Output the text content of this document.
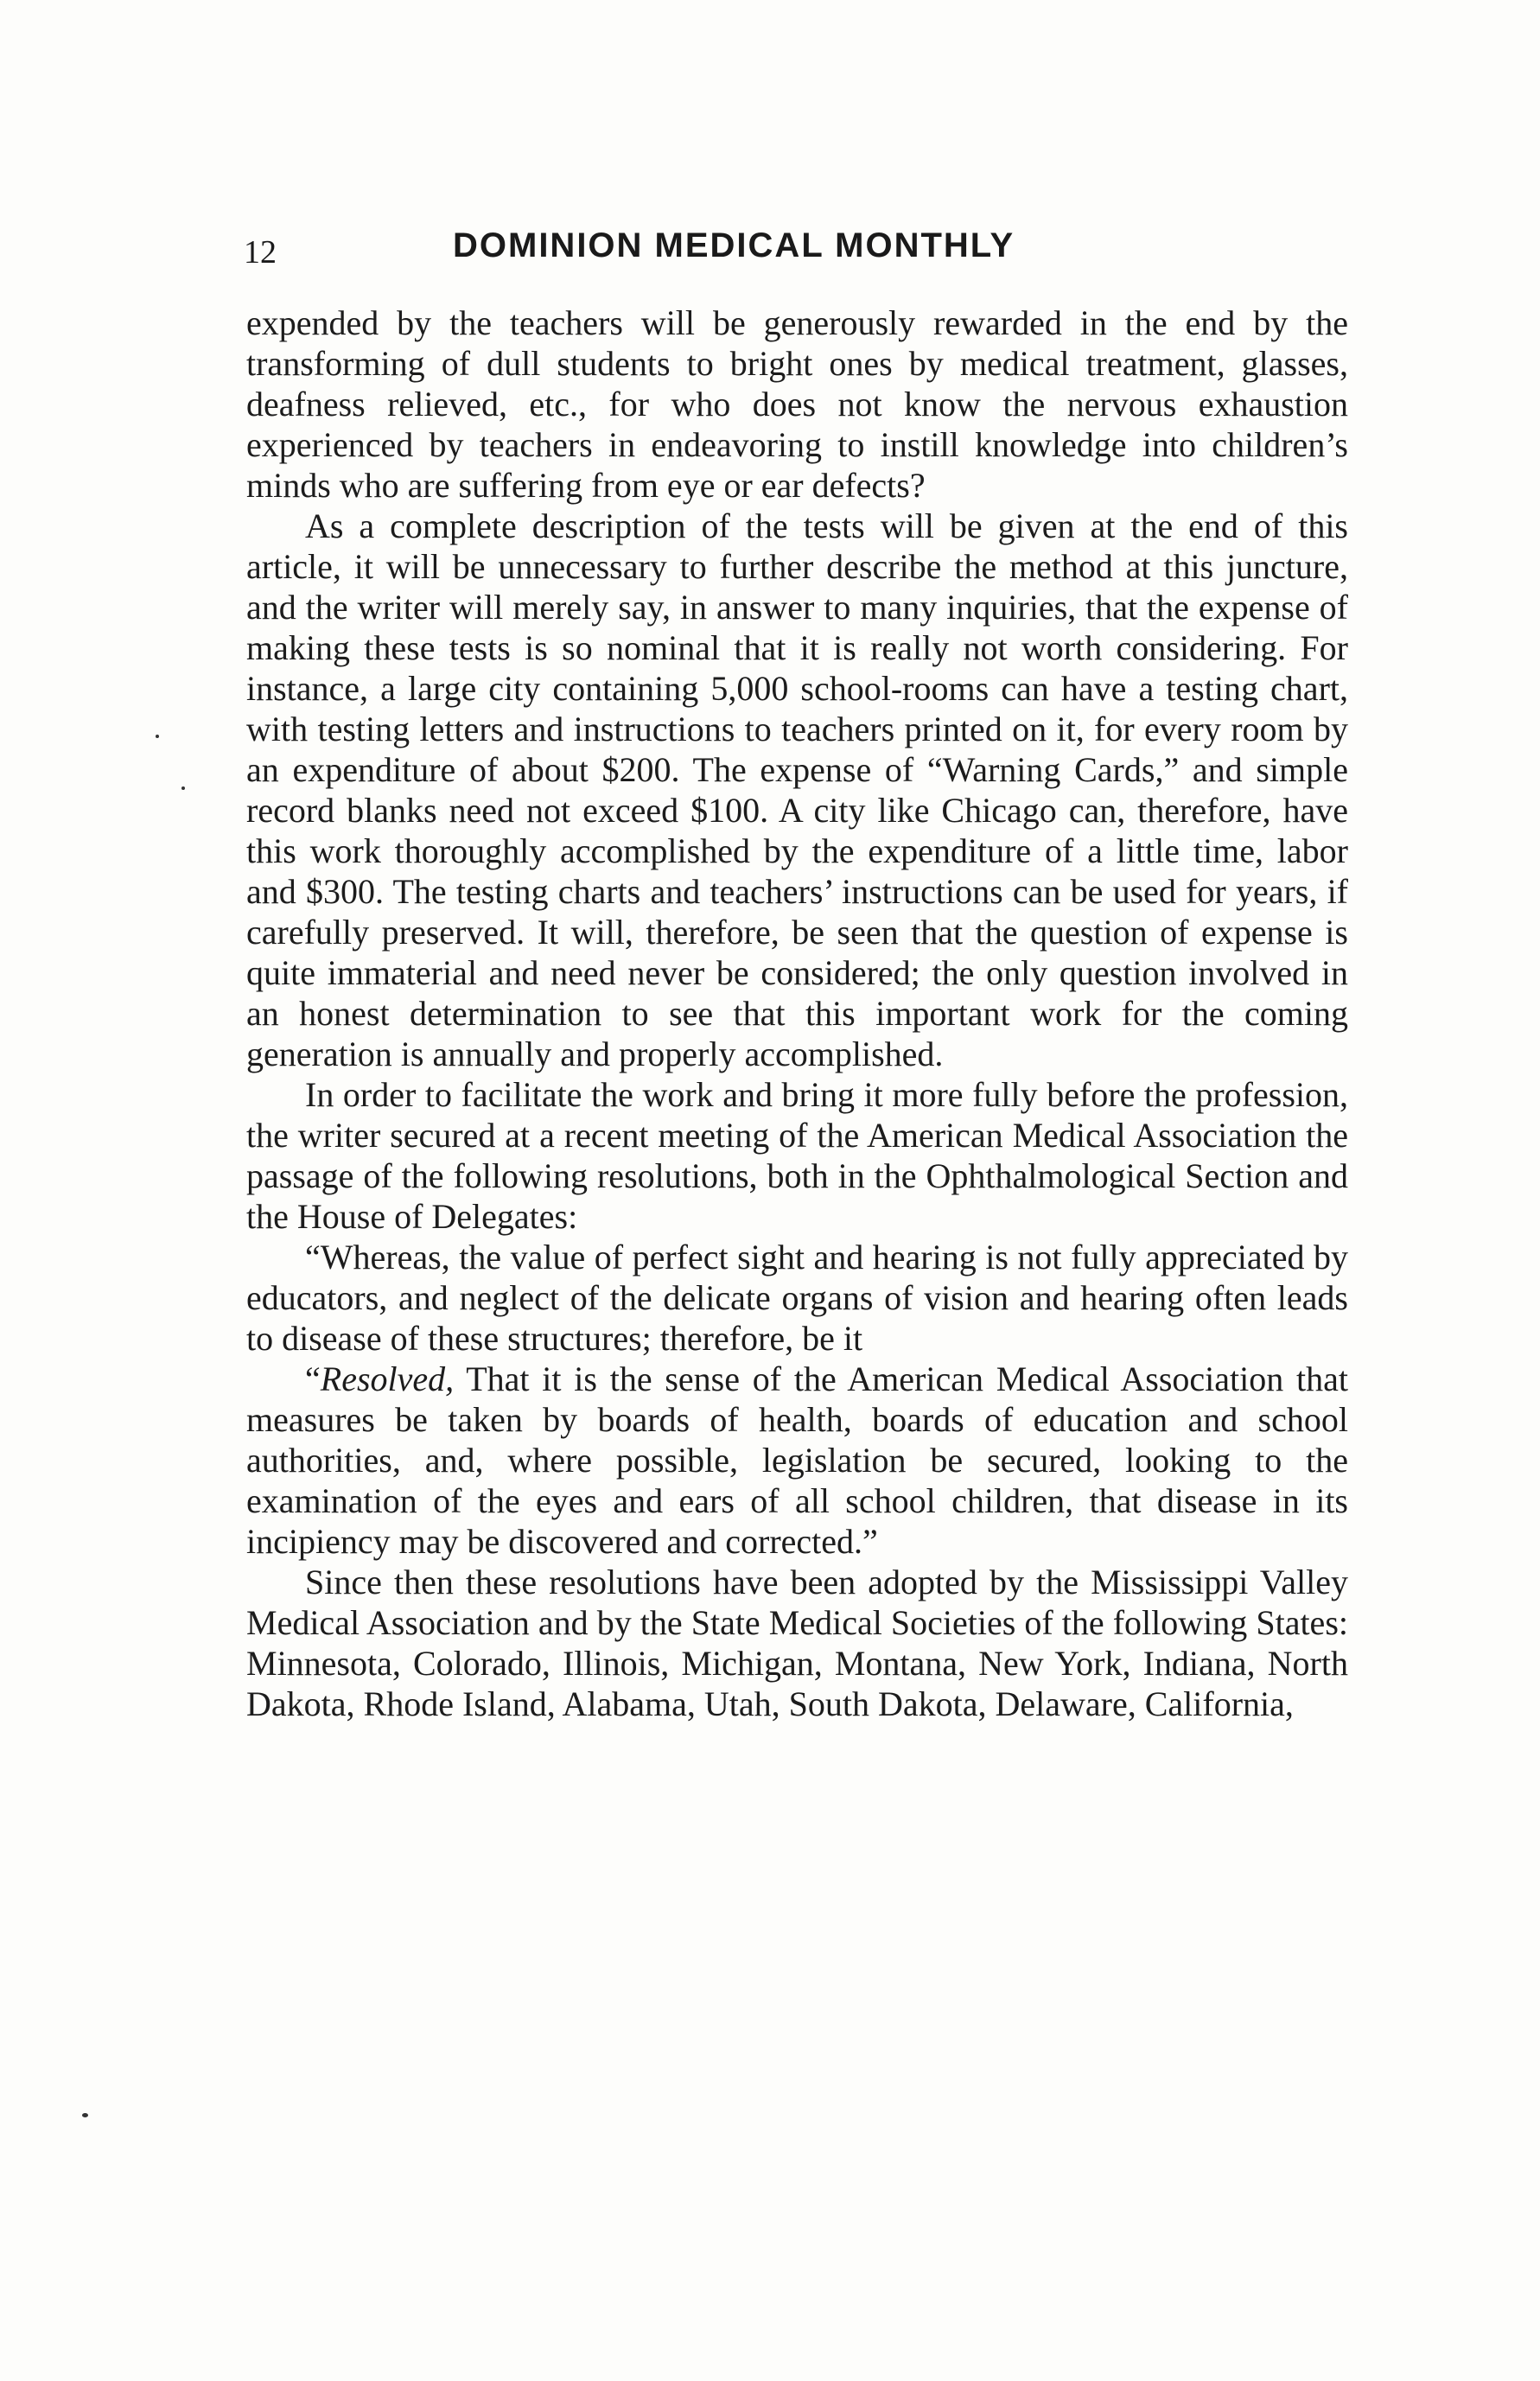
12	DOMINION MEDICAL MONTHLY

expended by the teachers will be generously rewarded in the end by the transforming of dull students to bright ones by medical treatment, glasses, deafness relieved, etc., for who does not know the nervous exhaustion experienced by teachers in endeavoring to instill knowledge into children’s minds who are suffering from eye or ear defects?

As a complete description of the tests will be given at the end of this article, it will be unnecessary to further describe the method at this juncture, and the writer will merely say, in answer to many inquiries, that the expense of making these tests is so nominal that it is really not worth considering. For instance, a large city containing 5,000 school-rooms can have a testing chart, with testing letters and instructions to teachers printed on it, for every room by an expenditure of about $200. The expense of “Warning Cards,” and simple record blanks need not exceed $100. A city like Chicago can, therefore, have this work thoroughly accomplished by the expenditure of a little time, labor and $300. The testing charts and teachers’ instructions can be used for years, if carefully preserved. It will, therefore, be seen that the question of expense is quite immaterial and need never be considered; the only question involved in an honest determination to see that this important work for the coming generation is annually and properly accomplished.

In order to facilitate the work and bring it more fully before the profession, the writer secured at a recent meeting of the American Medical Association the passage of the following resolutions, both in the Ophthalmological Section and the House of Delegates:

“Whereas, the value of perfect sight and hearing is not fully appreciated by educators, and neglect of the delicate organs of vision and hearing often leads to disease of these structures; therefore, be it

“Resolved, That it is the sense of the American Medical Association that measures be taken by boards of health, boards of education and school authorities, and, where possible, legislation be secured, looking to the examination of the eyes and ears of all school children, that disease in its incipiency may be discovered and corrected.”

Since then these resolutions have been adopted by the Mississippi Valley Medical Association and by the State Medical Societies of the following States: Minnesota, Colorado, Illinois, Michigan, Montana, New York, Indiana, North Dakota, Rhode Island, Alabama, Utah, South Dakota, Delaware, California,
